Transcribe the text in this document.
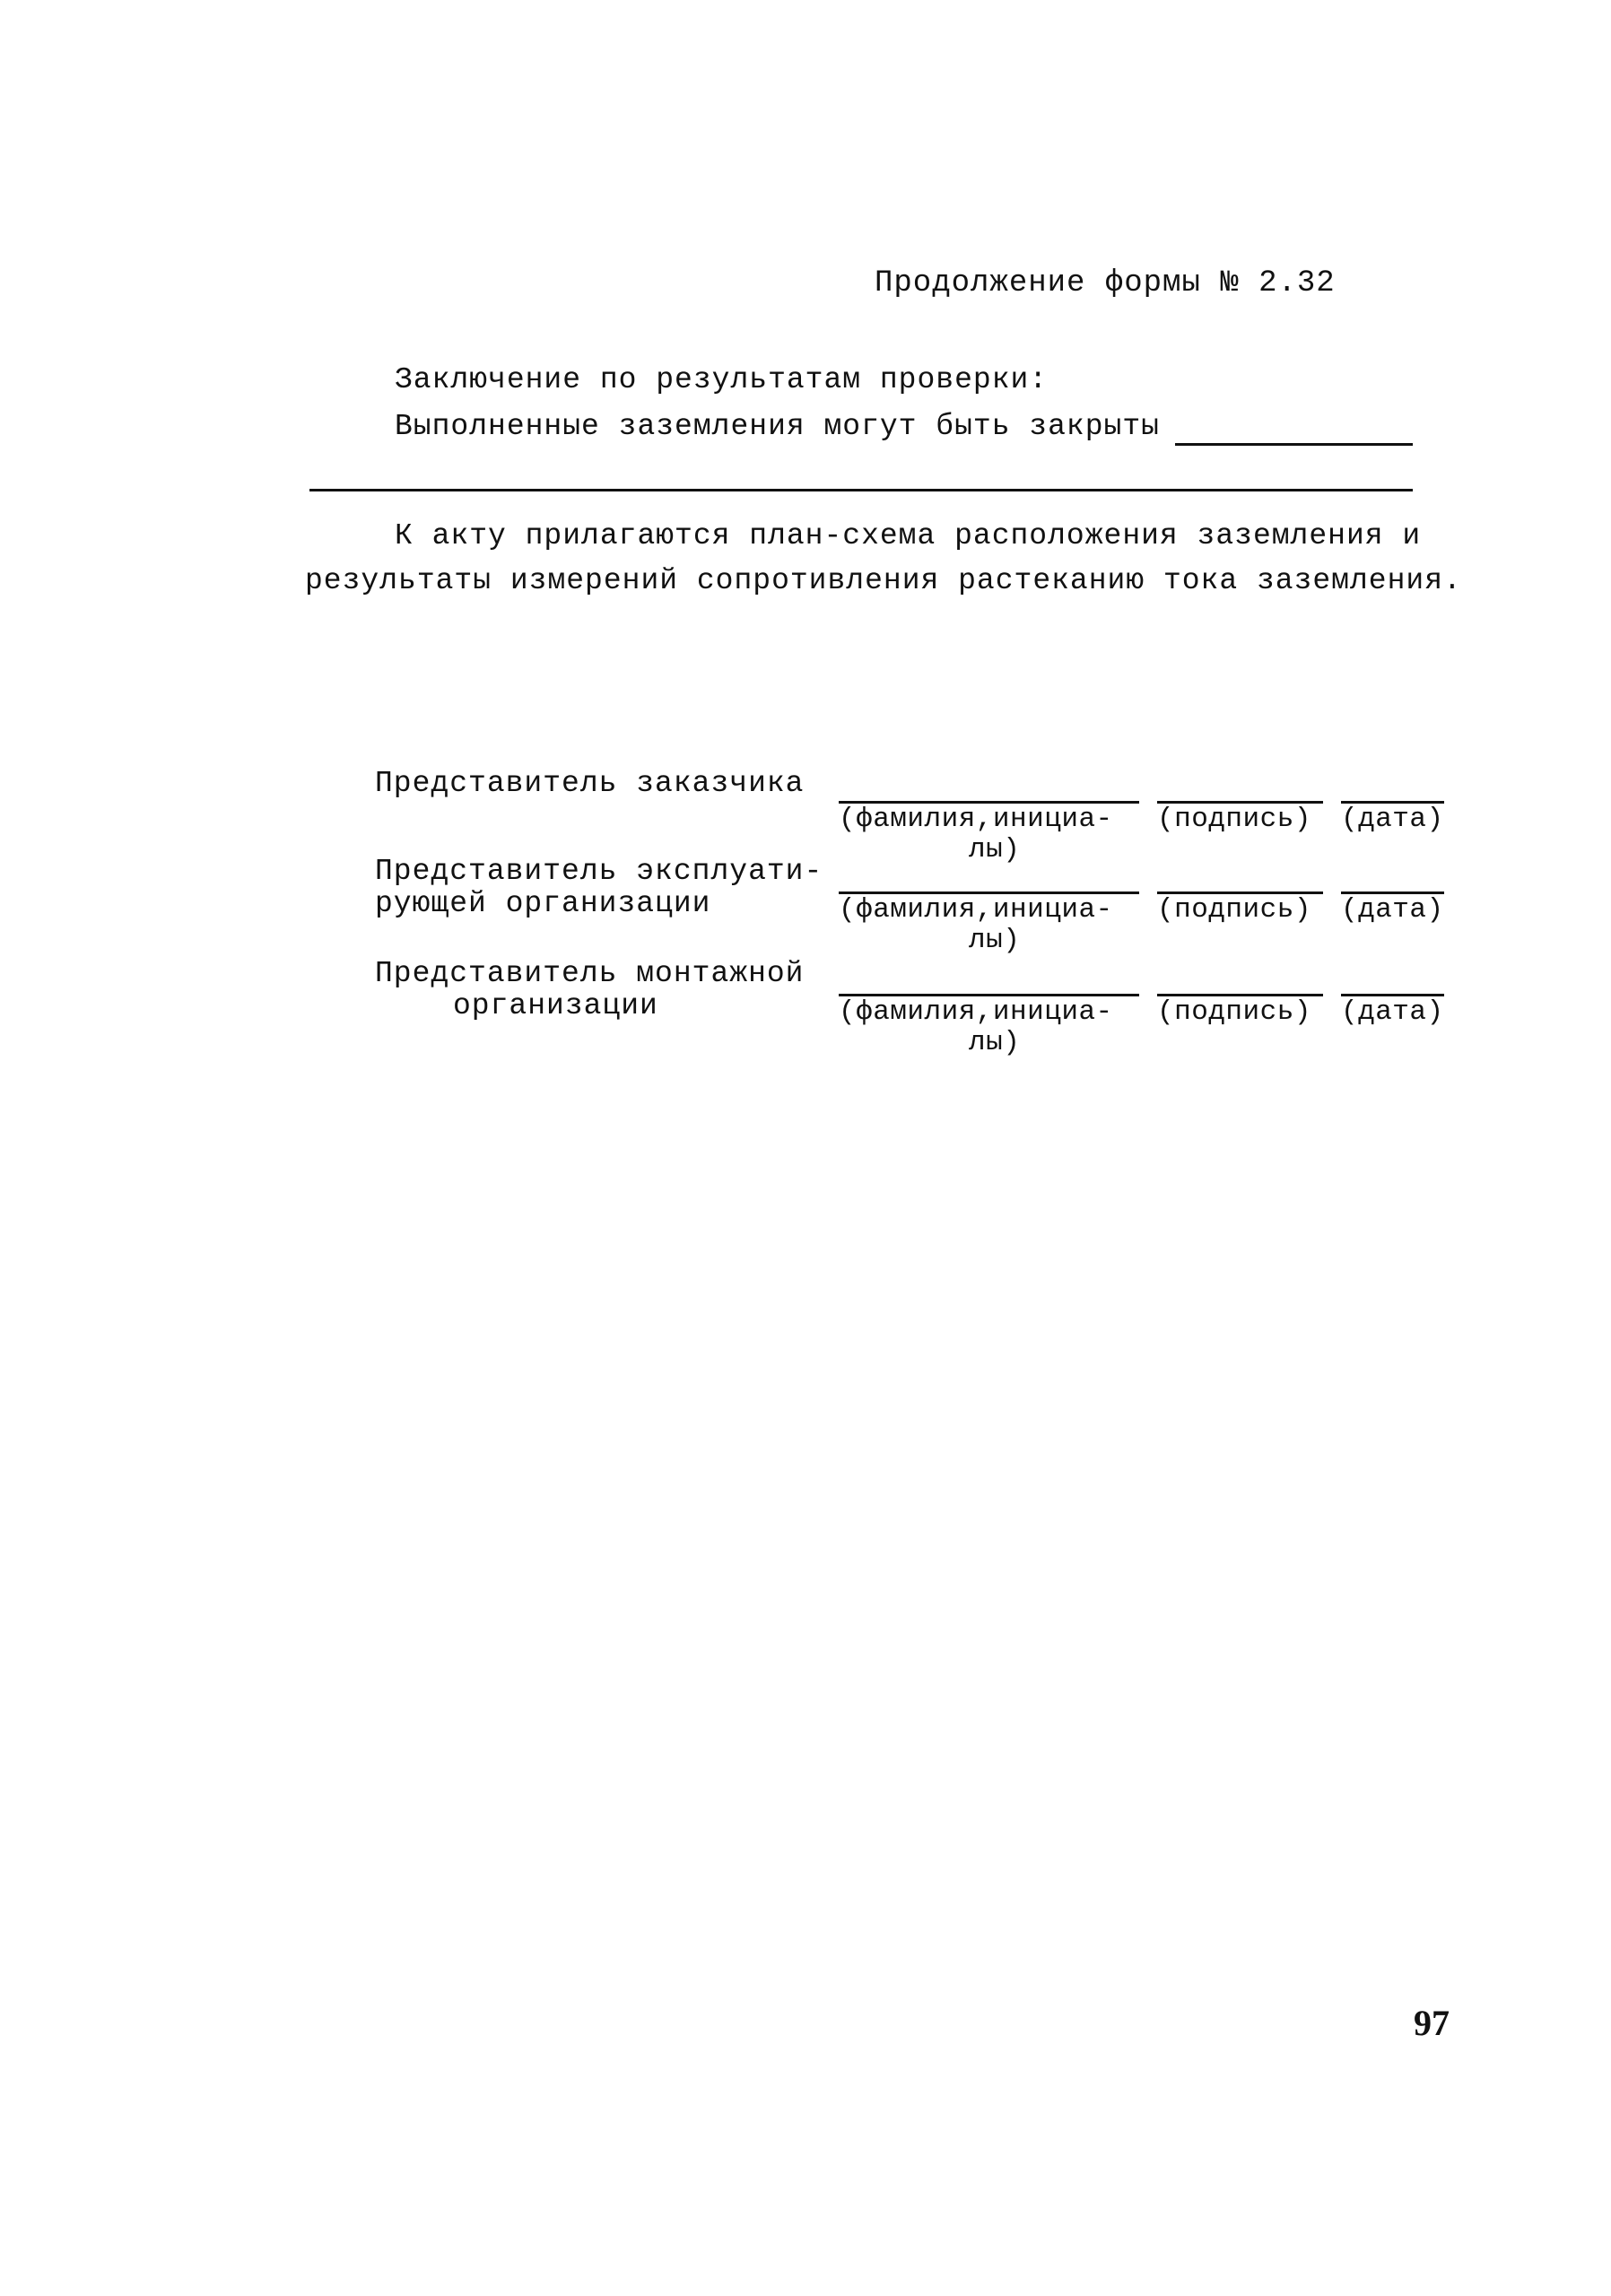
Продолжение формы № 2.32
Заключение по результатам проверки:
Выполненные заземления могут быть закрыты
К акту прилагаются план-схема расположения заземления и
результаты измерений сопротивления растеканию тока заземления.
Представитель заказчика
(фамилия,инициа-
лы)
(подпись) (дата)
Представитель эксплуати-
рующей организации	(фамилия,инициа-
лы)
(подпись) (дата)
Представитель монтажной
организации	(фамилия,инициа-
лы)
(подпись) (дата)
97
